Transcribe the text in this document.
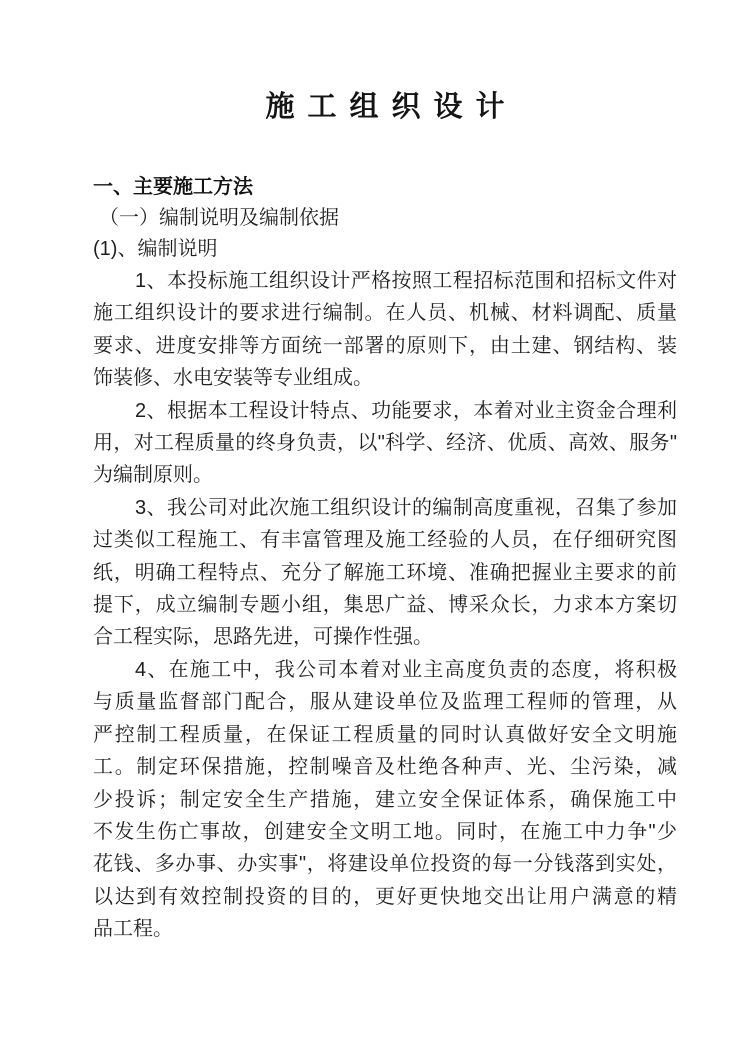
施工组织设计
一、主要施工方法
（一）编制说明及编制依据
(1)、编制说明
1、本投标施工组织设计严格按照工程招标范围和招标文件对
施工组织设计的要求进行编制。在人员、机械、材料调配、质量
要求、进度安排等方面统一部署的原则下，由土建、钢结构、装
饰装修、水电安装等专业组成。
2、根据本工程设计特点、功能要求，本着对业主资金合理利
用，对工程质量的终身负责，以"科学、经济、优质、高效、服务"
为编制原则。
3、我公司对此次施工组织设计的编制高度重视，召集了参加
过类似工程施工、有丰富管理及施工经验的人员，在仔细研究图
纸，明确工程特点、充分了解施工环境、准确把握业主要求的前
提下，成立编制专题小组，集思广益、博采众长，力求本方案切
合工程实际，思路先进，可操作性强。
4、在施工中，我公司本着对业主高度负责的态度，将积极
与质量监督部门配合，服从建设单位及监理工程师的管理，从
严控制工程质量，在保证工程质量的同时认真做好安全文明施
工。制定环保措施，控制噪音及杜绝各种声、光、尘污染，减
少投诉；制定安全生产措施，建立安全保证体系，确保施工中
不发生伤亡事故，创建安全文明工地。同时，在施工中力争"少
花钱、多办事、办实事"，将建设单位投资的每一分钱落到实处，
以达到有效控制投资的目的，更好更快地交出让用户满意的精
品工程。
